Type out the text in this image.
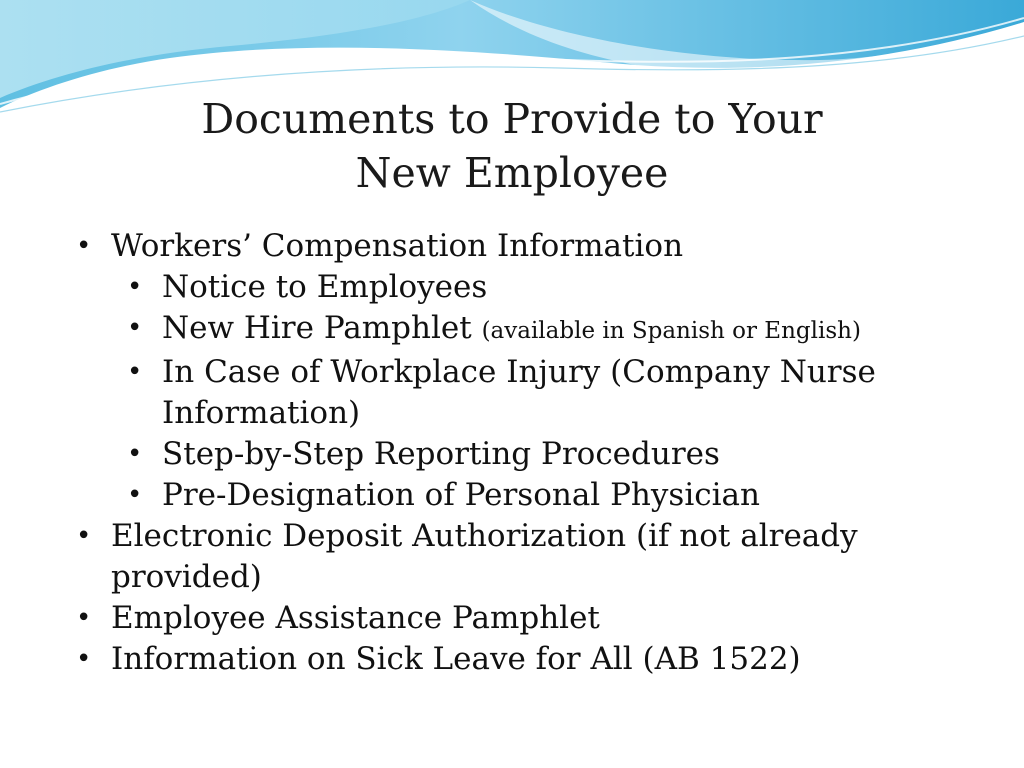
Documents to Provide to Your
New Employee
• Workers’ Compensation Information
• Notice to Employees
• New Hire Pamphlet (available in Spanish or English)
• In Case of Workplace Injury (Company Nurse Information)
• Step-by-Step Reporting Procedures
• Pre-Designation of Personal Physician
• Electronic Deposit Authorization (if not already provided)
• Employee Assistance Pamphlet
• Information on Sick Leave for All (AB 1522)
